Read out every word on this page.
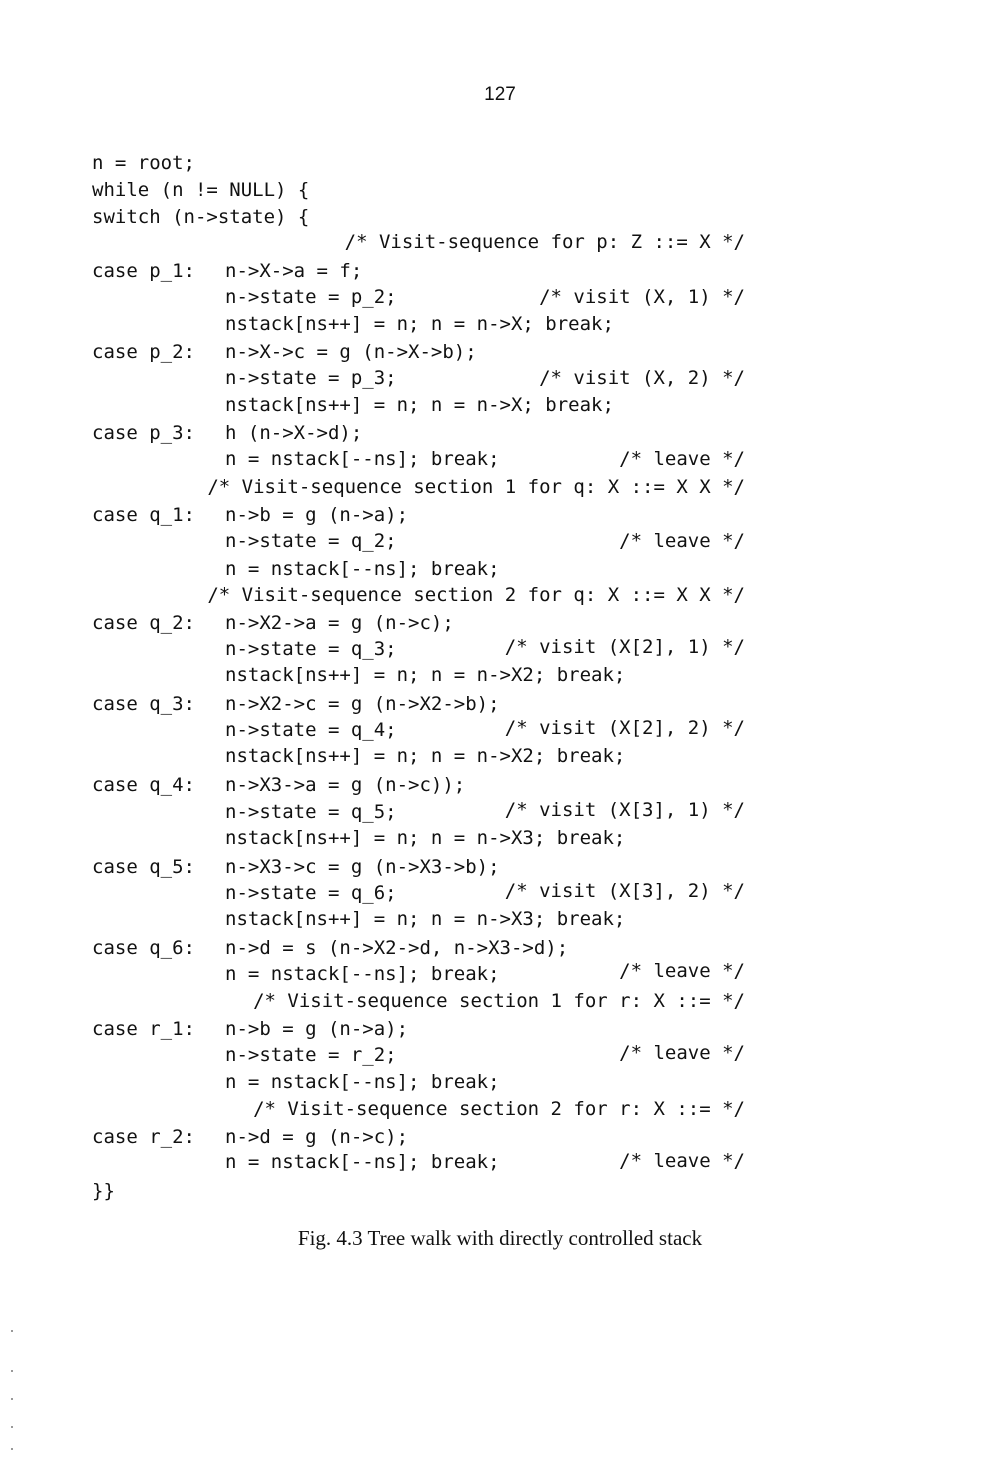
127
n = root;
while (n != NULL) {
switch (n->state) {
/* Visit-sequence for p: Z ::= X */
case p_1: n->X->a = f;
n->state = p_2;	/* visit (X, 1) */
nstack[ns++] = n; n = n->X; break;
case p_2: n->X->c = g (n->X->b);
n->state = p_3;	/* visit (X, 2) */
nstack[ns++] = n; n = n->X; break;
case p_3: h (n->X->d);
n = nstack[--ns]; break;	/* leave */
/* Visit-sequence section 1 for q: X ::= X X */
case q_1: n->b = g (n->a);
n->state = q_2;	/* leave */
n = nstack[--ns]; break;
/* Visit-sequence section 2 for q: X ::= X X */
case q_2: n->X2->a = g (n->c);
n->state = q_3;	/* visit (X[2], 1) */
nstack[ns++] = n; n = n->X2; break;
case q_3: n->X2->c = g (n->X2->b);
n->state = q_4;	/* visit (X[2], 2) */
nstack[ns++] = n; n = n->X2; break;
case q_4: n->X3->a = g (n->c));
n->state = q_5;	/* visit (X[3], 1) */
nstack[ns++] = n; n = n->X3; break;
case q_5: n->X3->c = g (n->X3->b);
n->state = q_6;	/* visit (X[3], 2) */
nstack[ns++] = n; n = n->X3; break;
case q_6: n->d = s (n->X2->d, n->X3->d);
n = nstack[--ns]; break;	/* leave */
/* Visit-sequence section 1 for r: X ::= */
case r_1: n->b = g (n->a);
n->state = r_2;	/* leave */
n = nstack[--ns]; break;
/* Visit-sequence section 2 for r: X ::= */
case r_2: n->d = g (n->c);
n = nstack[--ns]; break;	/* leave */
}}
Fig. 4.3 Tree walk with directly controlled stack
